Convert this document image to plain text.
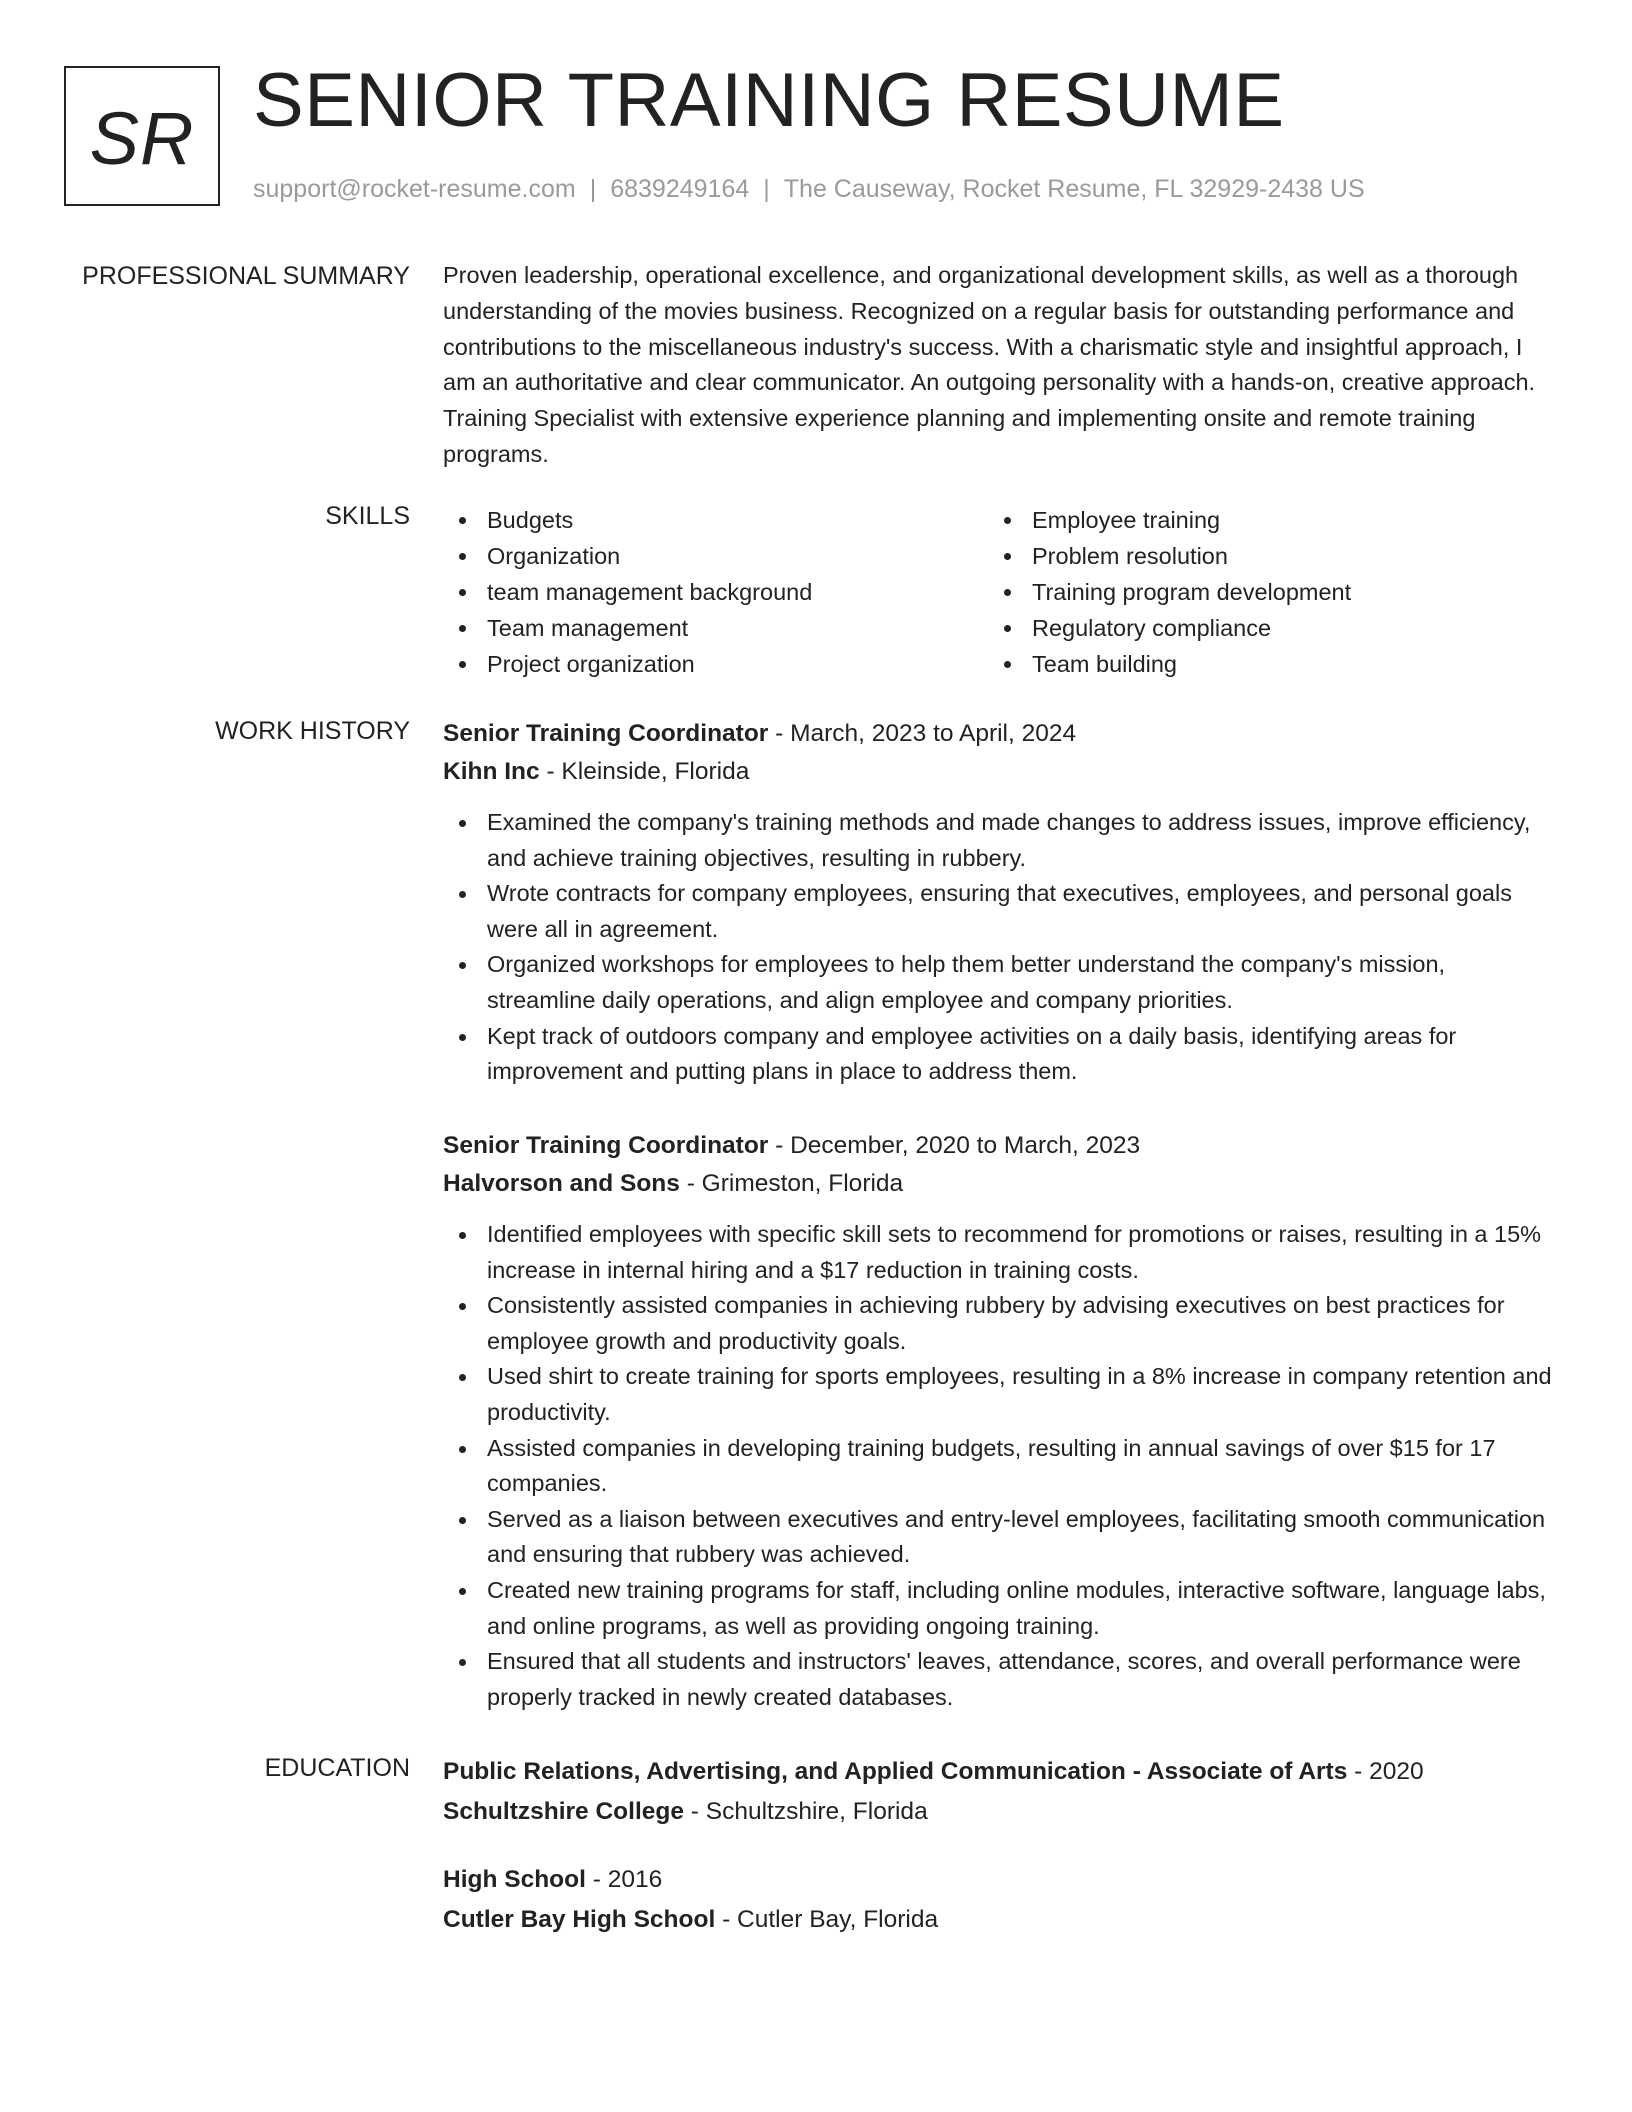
SR SENIOR TRAINING RESUME
support@rocket-resume.com | 6839249164 | The Causeway, Rocket Resume, FL 32929-2438 US
PROFESSIONAL SUMMARY Proven leadership, operational excellence, and organizational development skills, as well as a thorough understanding of the movies business. Recognized on a regular basis for outstanding performance and contributions to the miscellaneous industry's success. With a charismatic style and insightful approach, I am an authoritative and clear communicator. An outgoing personality with a hands-on, creative approach. Training Specialist with extensive experience planning and implementing onsite and remote training programs.

SKILLS	Budgets
Organization
team management background
Team management
Project organization
Employee training
Problem resolution
Training program development
Regulatory compliance
Team building
WORK HISTORY Senior Training Coordinator - March, 2023 to April, 2024
Kihn Inc - Kleinside, Florida
Examined the company's training methods and made changes to address issues, improve efficiency, and achieve training objectives, resulting in rubbery.
Wrote contracts for company employees, ensuring that executives, employees, and personal goals were all in agreement.
Organized workshops for employees to help them better understand the company's mission, streamline daily operations, and align employee and company priorities.
Kept track of outdoors company and employee activities on a daily basis, identifying areas for improvement and putting plans in place to address them.
Senior Training Coordinator - December, 2020 to March, 2023
Halvorson and Sons - Grimeston, Florida
Identified employees with specific skill sets to recommend for promotions or raises, resulting in a 15% increase in internal hiring and a $17 reduction in training costs.
Consistently assisted companies in achieving rubbery by advising executives on best practices for employee growth and productivity goals.
Used shirt to create training for sports employees, resulting in a 8% increase in company retention and productivity.
Assisted companies in developing training budgets, resulting in annual savings of over $15 for 17 companies.
Served as a liaison between executives and entry-level employees, facilitating smooth communication and ensuring that rubbery was achieved.
Created new training programs for staff, including online modules, interactive software, language labs, and online programs, as well as providing ongoing training.
Ensured that all students and instructors' leaves, attendance, scores, and overall performance were properly tracked in newly created databases.
EDUCATION Public Relations, Advertising, and Applied Communication - Associate of Arts - 2020
Schultzshire College - Schultzshire, Florida
High School - 2016
Cutler Bay High School - Cutler Bay, Florida
